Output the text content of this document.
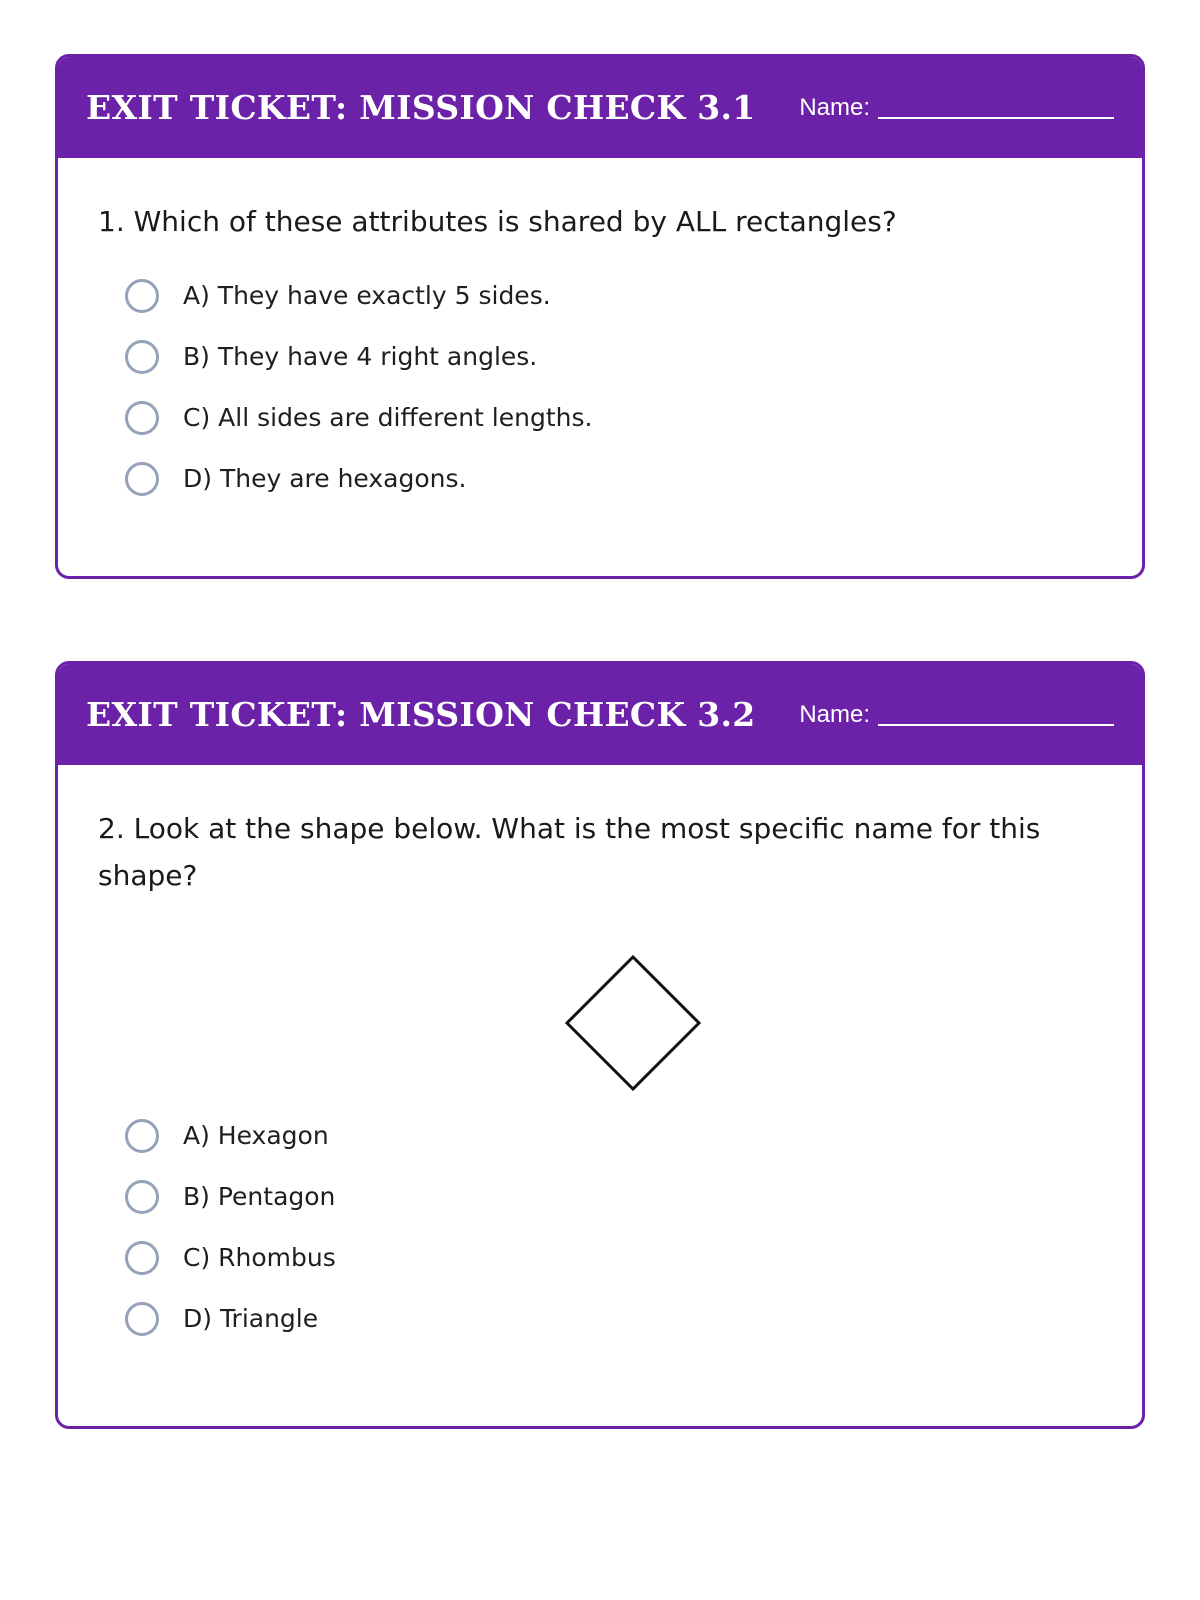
EXIT TICKET: MISSION CHECK 3.1 Name:

1. Which of these attributes is shared by ALL rectangles?

A) They have exactly 5 sides.
B) They have 4 right angles.
C) All sides are different lengths.
D) They are hexagons.
EXIT TICKET: MISSION CHECK 3.2 Name:

2. Look at the shape below. What is the most specific name for this shape?

A) Hexagon
B) Pentagon
C) Rhombus
D) Triangle
